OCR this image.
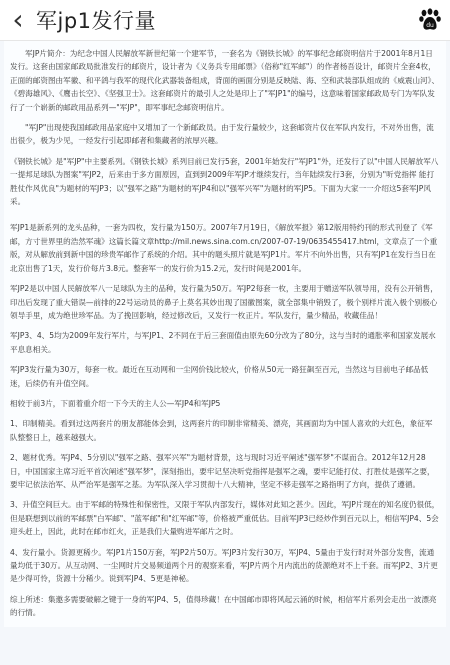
‹ 军jp1发行量	du

军JP片简介：为纪念中国人民解放军新世纪第一个建军节，一套名为《钢铁长城》的军事纪念邮资明信片于2001年8月1日发行。这套由国家邮政局批准发行的邮资片，设计者为《义务兵专用邮票》（俗称"红军邮"）的作者杨吾设计，邮资片全套4枚，正面的邮资图由军徽、和平鸽与我军的现代化武器装备组成，背面的画面分别是反映陆、海、空和武装部队组成的《威震山河》、《碧海雄风》、《鹰击长空》、《坚强卫士》。这套邮资片的最引人之处是印上了"军JP1"的编号，这意味着国家邮政局专门为军队发行了一个崭新的邮政用品系列—"军JP"，即军事纪念邮资明信片。

"军JP"出现使我国邮政用品家庭中又增加了一个新邮政员。由于发行量较少，这套邮资片仅在军队内发行，不对外出售，流出很少，极为少见，一经发行引起即邮者和集藏者的浓厚兴趣。

《钢铁长城》是"军JP"中主要系列。《钢铁长城》系列目前已发行5套，2001年始发行"军JP1"外，还发行了以"中国人民解放军八一提邦足球队为图案"军JP2，后来由于多方面原因，直到到2009年军JP才继续发行，当年陆续发行3套，分别为"听党指挥 能打胜仗作风优良"为题材的军JP3；以"强军之路"为题材的军JP4和以"强军兴军"为题材的军JP5。下面为大家一一介绍这5套军JP风采。

军JP1是新系列的龙头品种，一套为四枚，发行量为150万。2007年7月19日，《解放军报》第12版用特约刊的形式刊登了《军邮，方寸世界里的浩然军魂》这篇长篇文章http://mil.news.sina.com.cn/2007-07-19/0635455417.html，文章点了一个重版，对从解放前到新中国的珍贵军邮作了系统的介绍。其中的题头照片就是军JP1片。军片不向外出售，只有军JP1在发行当日在北京出售了1天，发行价每片3.8元。整套军一的发行价为15.2元，发行时间是2001年。

军JP2是以中国人民解放军八一足球队为主的品种，发行量为50万。军JP2每套一枚，主要用于赠送军队领导用，没有公开销售，印出后发现了重大错误—前排的22号运动员的鼻子上莫名其妙出现了国徽图案，就全部集中销毁了，极个别样片流入极个别极心领导手里，成为绝世珍军品。为了挽回影响，经过修改后，又发行一枚正片。军队发行，量少精品，收藏佳品！

军JP3、4、5均为2009年发行军片，与军JP1、2不同在于后三套面值由原先60分改为了80分，这与当时的通胀率和国家发展水平息息相关。

军JP3发行量为30万，每套一枚。最近在互动网和一尘网价钱比较火，价格从50元一路狂飙至百元，当然这与目前电子邮品低迷，后续仍有升值空间。

相较于前3片，下面着重介绍一下今天的主人公—军JP4和军JP5

1、印制精美。看到过这两套片的朋友都能体会到，这两套片的印制非常精美、漂亮，其画面均为中国人喜欢的大红色，象征军队整整日上，越来越强大。

2、题材优秀。军JP4、5分别以"强军之路、强军兴军"为题材背景，这与现时习近平阐述"强军梦"不谋而合。2012年12月28日，中国国家主席习近平首次阐述"强军梦"，深刻指出，要牢记坚决听党指挥是强军之魂，要牢记能打仗、打胜仗是强军之要，要牢记依法治军、从严治军是强军之基。为军队深入学习贯彻十八大精神，坚定不移走强军之路指明了方向，提供了遵循。

3、升值空间巨大。由于军邮的特殊性和保密性，又限于军队内部发行，媒体对此知之甚少。因此，军JP片现在的知名度仍很低，但是联想到以前的军邮票"白军邮"、"蓝军邮"和"红军邮"等，价格被严重低估。目前军JP3已经炒作到百元以上，相信军JP4、5会迎头赶上，因此，此时在邮市红火，正是我们大量购进军邮片之时。

4、发行量小。货源更稀少。军JP1片150万套，军JP2片50万。军JP3片发行30万，军JP4、5量由于发行时对外部分发售，流通量均低于30万。从互动网、一尘网时片交易频道两个月的观察来看，军JP片两个月内流出的货源绝对不上千套。而军JP2、3片更是少得可怜，货源十分稀少。说到军JP4、5更是神秘。

综上所述：集邀多需要破解之键于一身的军JP4、5，值得珍藏！在中国邮市即将风起云涌的时候，相信军片系列会走出一波漂亮的行情。
